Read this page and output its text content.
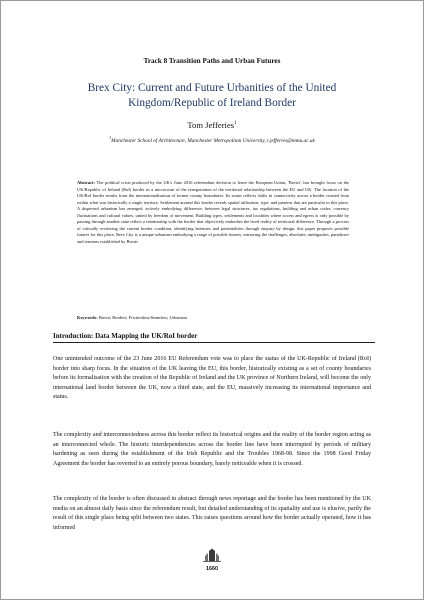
Track 8 Transition Paths and Urban Futures
Brex City: Current and Future Urbanities of the United
Kingdom/Republic of Ireland Border
Tom Jefferies$^1$
$^1$Manchester School of Architecture, Manchester Metropolitan University, t.jefferies@mmu.ac.uk
Abstract: The political crisis produced by the UK's June 2016 referendum decision to leave the European Union, 'Brexit', has brought focus on the UK/Republic of Ireland (RoI) border as a microcosm of the renegotiation of the territorial relationship between the EU and UK. The location of the UK/RoI border results from the internationalisation of former county boundaries. Its status reflects shifts in connectivity across a border created from within what was historically a single territory. Settlement around this border reveals spatial utilisation, type, and patterns that are particular to this place. A dispersed urbanism has emerged, actively embodying difference; between legal structures, tax regulations, building and urban codes, currency fluctuations and cultural values, united by freedom of movement. Building types, settlements and localities where access and egress is only possible by passing through another state reflect a relationship with the border that objectively embodies the lived reality of territorial difference. Through a process of critically reviewing the current border condition, identifying latencies and potentialities through enquiry by design, this paper proposes possible futures for this place. Brex City is a unique urbanism embodying a range of possible futures, mirroring the challenges, absolutes, ambiguities, paradoxes and tensions established by Brexit.
Keywords: Brexit; Borders; Frictionless/Seamless; Urbanism
Introduction: Data Mapping the UK/RoI border

One unintended outcome of the 23 June 2016 EU Referendum vote was to place the status of the UK-Republic of Ireland (RoI) border into sharp focus. In the situation of the UK leaving the EU, this border, historically existing as a set of county boundaries before its formalisation with the creation of the Republic of Ireland and the UK province of Northern Ireland, will become the only international land border between the UK, now a third state, and the EU, massively increasing its international importance and status.

The complexity and interconnectedness across this border reflect its historical origins and the reality of the border region acting as an interconnected whole. The historic interdependencies across the border line have been interrupted by periods of military hardening as seen during the establishment of the Irish Republic and the Troubles 1968-98. Since the 1998 Good Friday Agreement the border has reverted to an entirely porous boundary, barely noticeable when it is crossed.

The complexity of the border is often discussed in abstract through news reportage and the border has been mentioned by the UK media on an almost daily basis since the referendum result, but detailed understanding of its spatiality and use is elusive, partly the result of this single place being split between two states. This raises questions around how the border actually operated, how it has informed

1660
